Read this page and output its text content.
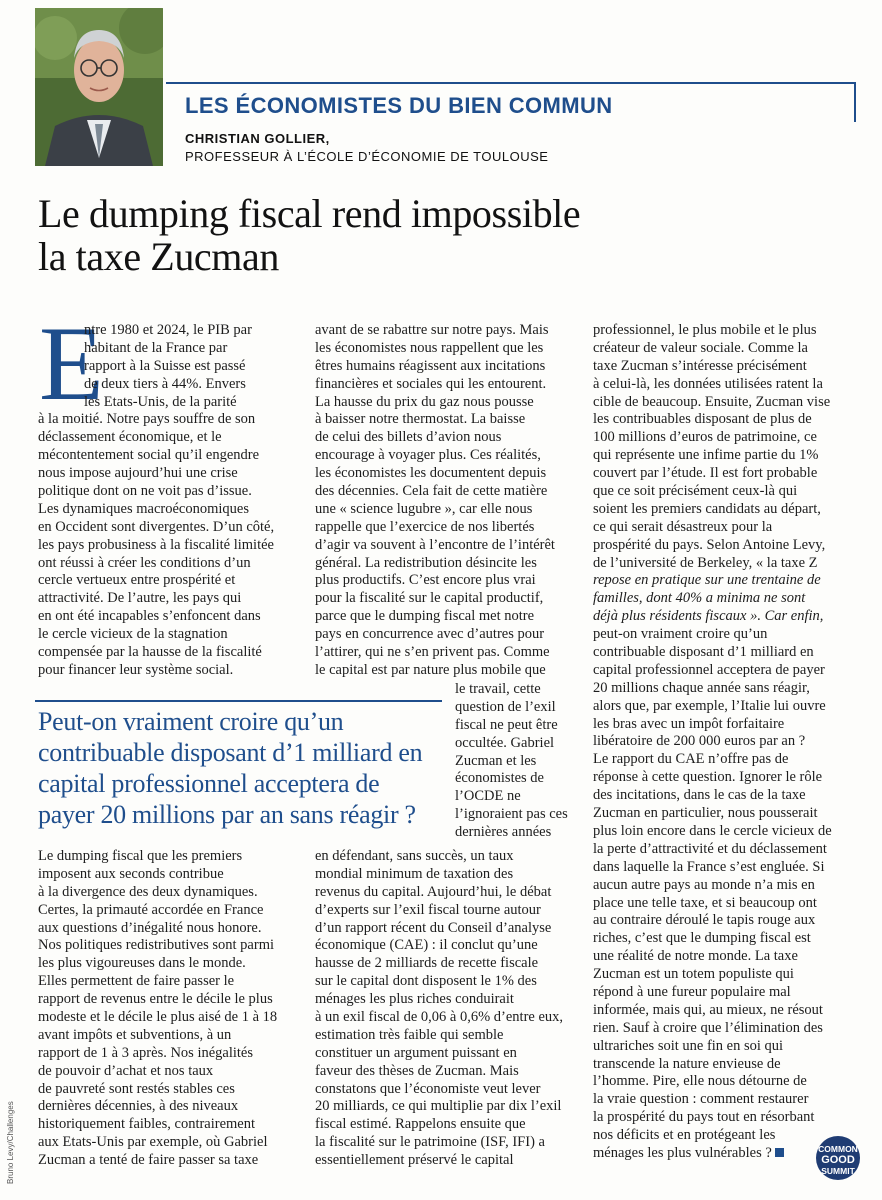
LES ÉCONOMISTES DU BIEN COMMUN
CHRISTIAN GOLLIER,
PROFESSEUR À L’ÉCOLE D’ÉCONOMIE DE TOULOUSE
Le dumping fiscal rend impossible
la taxe Zucman
E
ntre 1980 et 2024, le PIB par
habitant de la France par
rapport à la Suisse est passé
de deux tiers à 44%. Envers
les Etats-Unis, de la parité
à la moitié. Notre pays souffre de son
déclassement économique, et le
mécontentement social qu’il engendre
nous impose aujourd’hui une crise
politique dont on ne voit pas d’issue.
Les dynamiques macroéconomiques
en Occident sont divergentes. D’un côté,
les pays probusiness à la fiscalité limitée
ont réussi à créer les conditions d’un
cercle vertueux entre prospérité et
attractivité. De l’autre, les pays qui
en ont été incapables s’enfoncent dans
le cercle vicieux de la stagnation
compensée par la hausse de la fiscalité
pour financer leur système social.
Peut-on vraiment croire qu’un
contribuable disposant d’1 milliard en
capital professionnel acceptera de
payer 20 millions par an sans réagir ?
Le dumping fiscal que les premiers
imposent aux seconds contribue
à la divergence des deux dynamiques.
Certes, la primauté accordée en France
aux questions d’inégalité nous honore.
Nos politiques redistributives sont parmi
les plus vigoureuses dans le monde.
Elles permettent de faire passer le
rapport de revenus entre le décile le plus
modeste et le décile le plus aisé de 1 à 18
avant impôts et subventions, à un
rapport de 1 à 3 après. Nos inégalités
de pouvoir d’achat et nos taux
de pauvreté sont restés stables ces
dernières décennies, à des niveaux
historiquement faibles, contrairement
aux Etats-Unis par exemple, où Gabriel
Zucman a tenté de faire passer sa taxe
avant de se rabattre sur notre pays. Mais
les économistes nous rappellent que les
êtres humains réagissent aux incitations
financières et sociales qui les entourent.
La hausse du prix du gaz nous pousse
à baisser notre thermostat. La baisse
de celui des billets d’avion nous
encourage à voyager plus. Ces réalités,
les économistes les documentent depuis
des décennies. Cela fait de cette matière
une « science lugubre », car elle nous
rappelle que l’exercice de nos libertés
d’agir va souvent à l’encontre de l’intérêt
général. La redistribution désincite les
plus productifs. C’est encore plus vrai
pour la fiscalité sur le capital productif,
parce que le dumping fiscal met notre
pays en concurrence avec d’autres pour
l’attirer, qui ne s’en privent pas. Comme
le capital est par nature plus mobile que
le travail, cette
question de l’exil
fiscal ne peut être
occultée. Gabriel
Zucman et les
économistes de
l’OCDE ne
l’ignoraient pas ces
dernières années
en défendant, sans succès, un taux
mondial minimum de taxation des
revenus du capital. Aujourd’hui, le débat
d’experts sur l’exil fiscal tourne autour
d’un rapport récent du Conseil d’analyse
économique (CAE) : il conclut qu’une
hausse de 2 milliards de recette fiscale
sur le capital dont disposent le 1% des
ménages les plus riches conduirait
à un exil fiscal de 0,06 à 0,6% d’entre eux,
estimation très faible qui semble
constituer un argument puissant en
faveur des thèses de Zucman. Mais
constatons que l’économiste veut lever
20 milliards, ce qui multiplie par dix l’exil
fiscal estimé. Rappelons ensuite que
la fiscalité sur le patrimoine (ISF, IFI) a
essentiellement préservé le capital
professionnel, le plus mobile et le plus
créateur de valeur sociale. Comme la
taxe Zucman s’intéresse précisément
à celui-là, les données utilisées ratent la
cible de beaucoup. Ensuite, Zucman vise
les contribuables disposant de plus de
100 millions d’euros de patrimoine, ce
qui représente une infime partie du 1%
couvert par l’étude. Il est fort probable
que ce soit précisément ceux-là qui
soient les premiers candidats au départ,
ce qui serait désastreux pour la
prospérité du pays. Selon Antoine Levy,
de l’université de Berkeley, « la taxe Z
repose en pratique sur une trentaine de
familles, dont 40% a minima ne sont
déjà plus résidents fiscaux ». Car enfin,
peut-on vraiment croire qu’un
contribuable disposant d’1 milliard en
capital professionnel acceptera de payer
20 millions chaque année sans réagir,
alors que, par exemple, l’Italie lui ouvre
les bras avec un impôt forfaitaire
libératoire de 200 000 euros par an ?
Le rapport du CAE n’offre pas de
réponse à cette question. Ignorer le rôle
des incitations, dans le cas de la taxe
Zucman en particulier, nous pousserait
plus loin encore dans le cercle vicieux de
la perte d’attractivité et du déclassement
dans laquelle la France s’est engluée. Si
aucun autre pays au monde n’a mis en
place une telle taxe, et si beaucoup ont
au contraire déroulé le tapis rouge aux
riches, c’est que le dumping fiscal est
une réalité de notre monde. La taxe
Zucman est un totem populiste qui
répond à une fureur populaire mal
informée, mais qui, au mieux, ne résout
rien. Sauf à croire que l’élimination des
ultrariches soit une fin en soi qui
transcende la nature envieuse de
l’homme. Pire, elle nous détourne de
la vraie question : comment restaurer
la prospérité du pays tout en résorbant
nos déficits et en protégeant les
ménages les plus vulnérables ?
Bruno Levy/Challenges	COMMON
GOOD
SUMMIT
